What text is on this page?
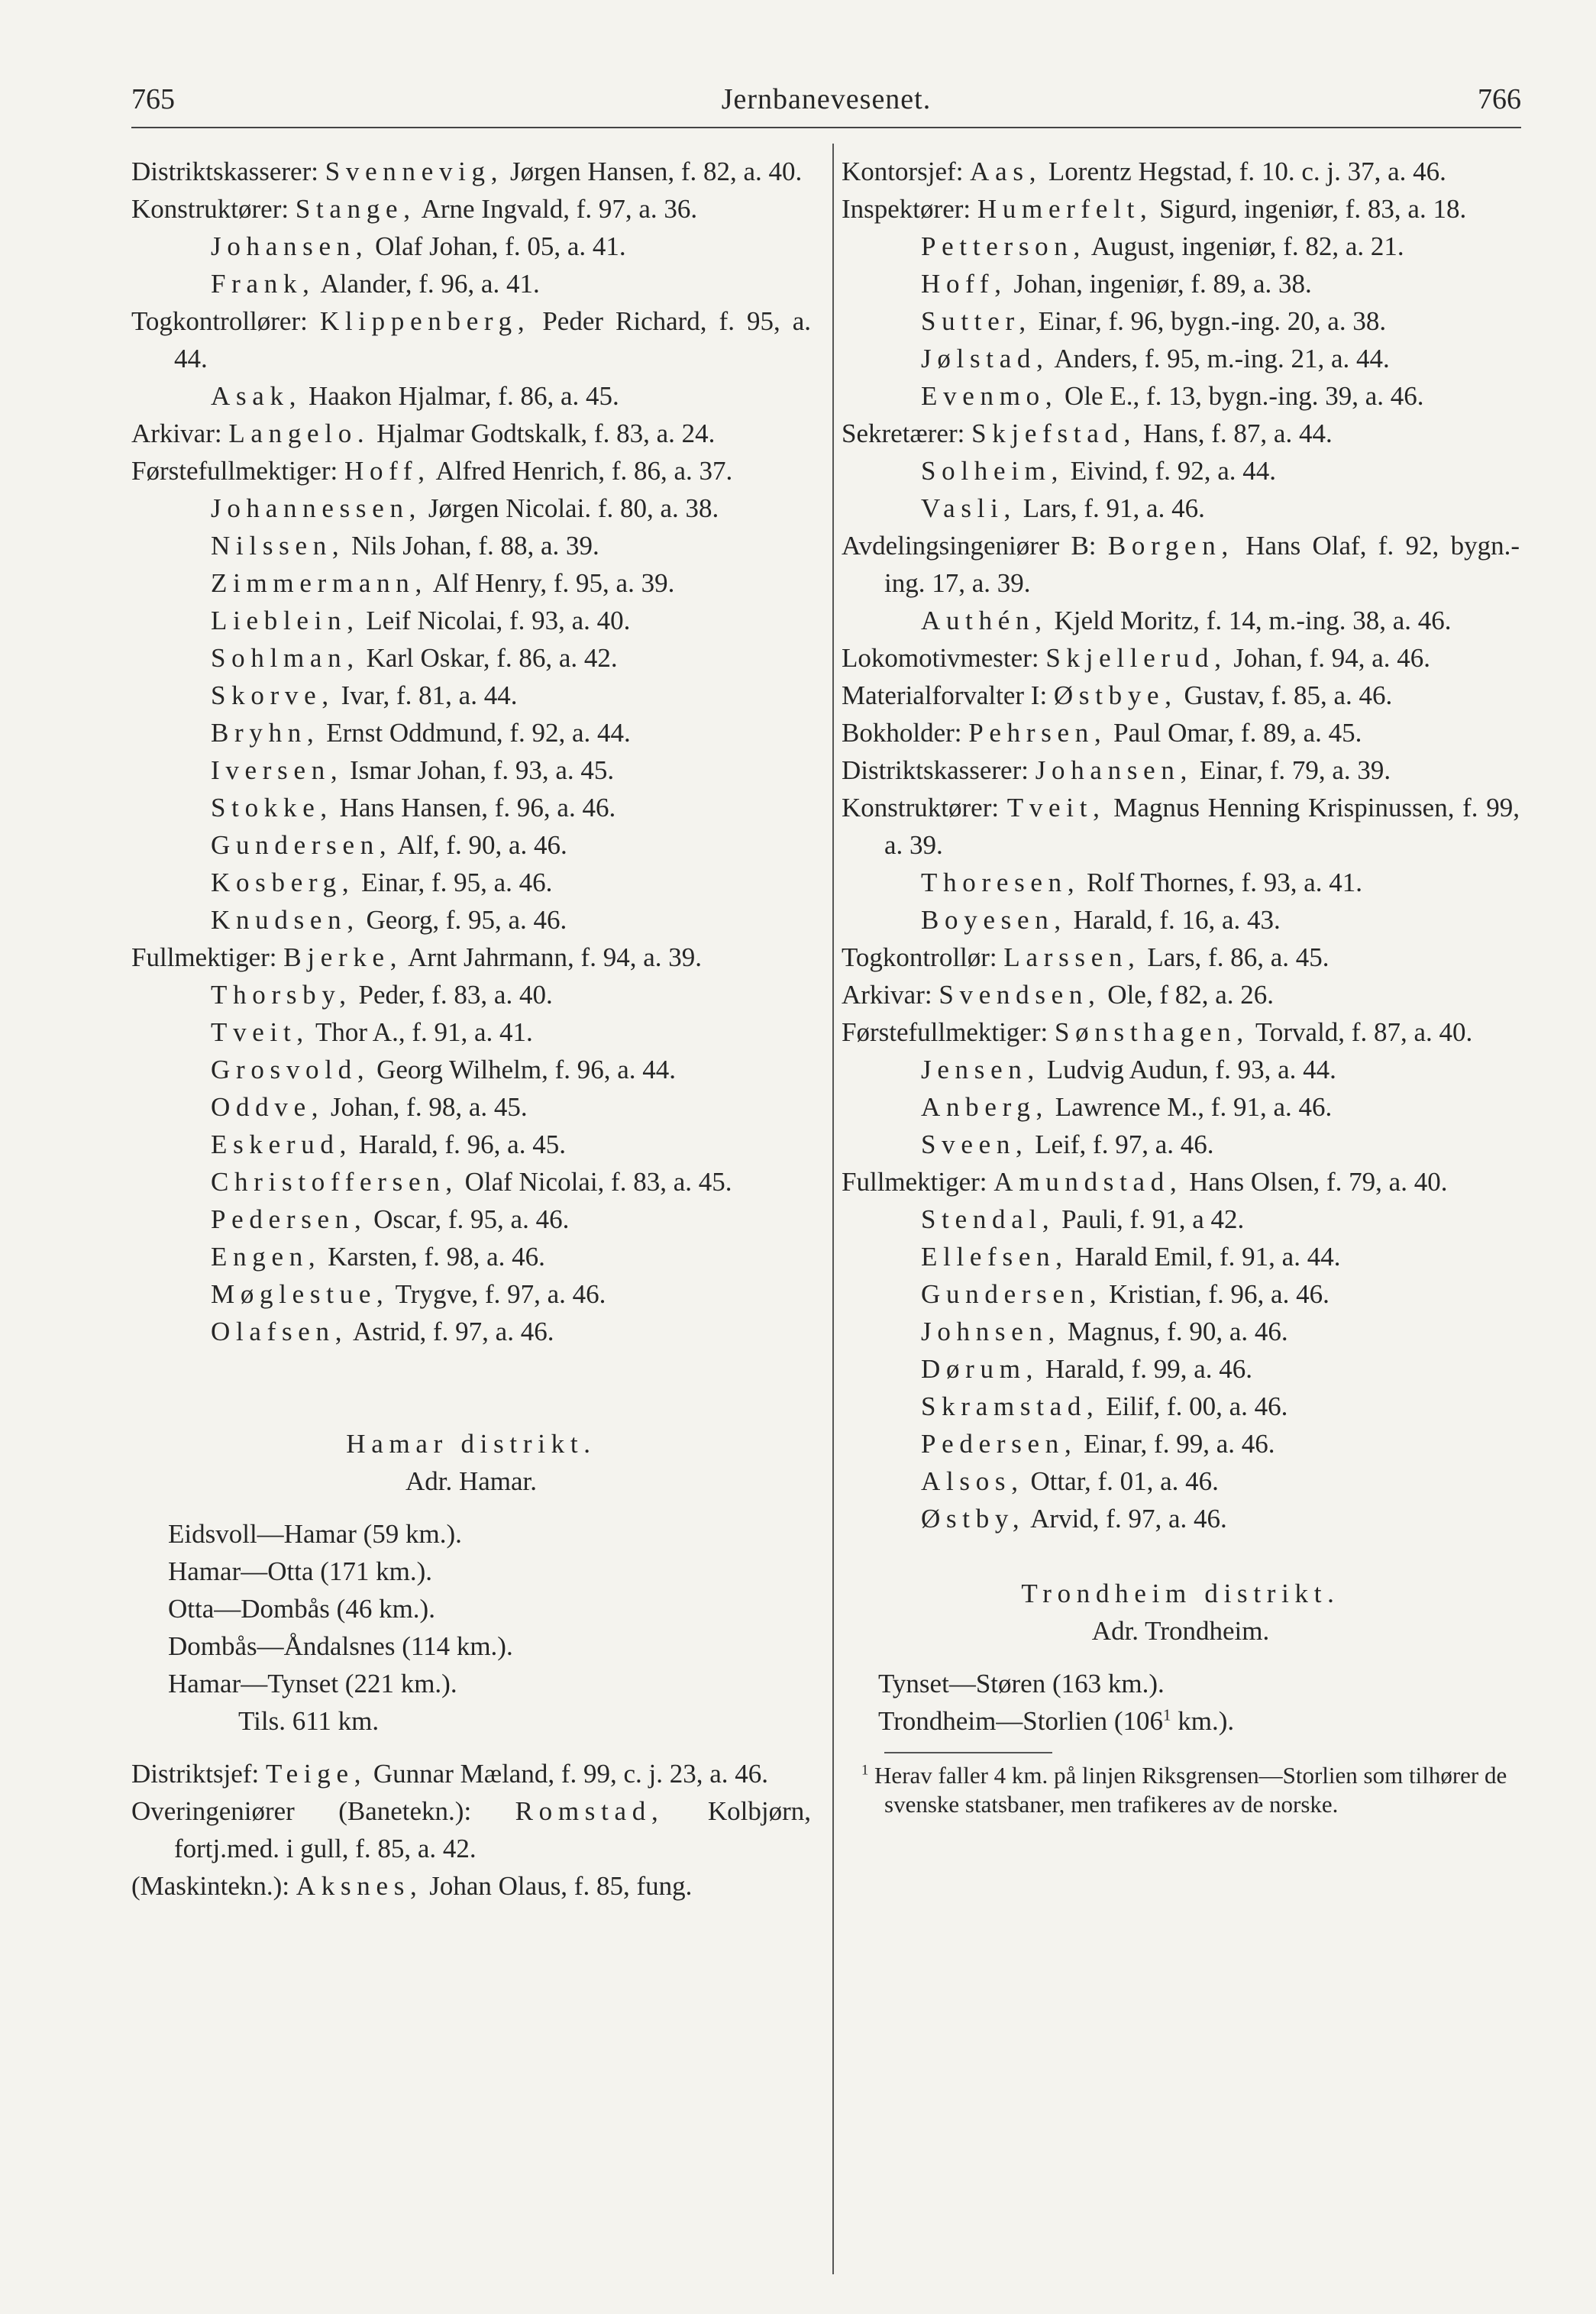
765	Jernbanevesenet.	766
Distriktskasserer: Svennevig, Jørgen Hansen, f. 82, a. 40.
Konstruktører: Stange, Arne Ingvald, f. 97, a. 36.
Johansen, Olaf Johan, f. 05, a. 41.
Frank, Alander, f. 96, a. 41.
Togkontrollører: Klippenberg, Peder Richard, f. 95, a. 44.
Asak, Haakon Hjalmar, f. 86, a. 45.
Arkivar: Langelo. Hjalmar Godtskalk, f. 83, a. 24.
Førstefullmektiger: Hoff, Alfred Henrich, f. 86, a. 37.
Johannessen, Jørgen Nicolai. f. 80, a. 38.
Nilssen, Nils Johan, f. 88, a. 39.
Zimmermann, Alf Henry, f. 95, a. 39.
Lieblein, Leif Nicolai, f. 93, a. 40.
Sohlman, Karl Oskar, f. 86, a. 42.
Skorve, Ivar, f. 81, a. 44.
Bryhn, Ernst Oddmund, f. 92, a. 44.
Iversen, Ismar Johan, f. 93, a. 45.
Stokke, Hans Hansen, f. 96, a. 46.
Gundersen, Alf, f. 90, a. 46.
Kosberg, Einar, f. 95, a. 46.
Knudsen, Georg, f. 95, a. 46.
Fullmektiger: Bjerke, Arnt Jahrmann, f. 94, a. 39.
Thorsby, Peder, f. 83, a. 40.
Tveit, Thor A., f. 91, a. 41.
Grosvold, Georg Wilhelm, f. 96, a. 44.
Oddve, Johan, f. 98, a. 45.
Eskerud, Harald, f. 96, a. 45.
Christoffersen, Olaf Nicolai, f. 83, a. 45.
Pedersen, Oscar, f. 95, a. 46.
Engen, Karsten, f. 98, a. 46.
Møglestue, Trygve, f. 97, a. 46.
Olafsen, Astrid, f. 97, a. 46.
Hamar distrikt.
Adr. Hamar.
Eidsvoll—Hamar (59 km.).
Hamar—Otta (171 km.).
Otta—Dombås (46 km.).
Dombås—Åndalsnes (114 km.).
Hamar—Tynset (221 km.).
Tils. 611 km.
Distriktsjef: Teige, Gunnar Mæland, f. 99, c. j. 23, a. 46.
Overingeniører (Banetekn.): Romstad, Kolbjørn, fortj.med. i gull, f. 85, a. 42.
(Maskintekn.): Aksnes, Johan Olaus, f. 85, fung.
Kontorsjef: Aas, Lorentz Hegstad, f. 10. c. j. 37, a. 46.
Inspektører: Humerfelt, Sigurd, ingeniør, f. 83, a. 18.
Petterson, August, ingeniør, f. 82, a. 21.
Hoff, Johan, ingeniør, f. 89, a. 38.
Sutter, Einar, f. 96, bygn.-ing. 20, a. 38.
Jølstad, Anders, f. 95, m.-ing. 21, a. 44.
Evenmo, Ole E., f. 13, bygn.-ing. 39, a. 46.
Sekretærer: Skjefstad, Hans, f. 87, a. 44.
Solheim, Eivind, f. 92, a. 44.
Vasli, Lars, f. 91, a. 46.
Avdelingsingeniører B: Borgen, Hans Olaf, f. 92, bygn.-ing. 17, a. 39.
Authén, Kjeld Moritz, f. 14, m.-ing. 38, a. 46.
Lokomotivmester: Skjellerud, Johan, f. 94, a. 46.
Materialforvalter I: Østbye, Gustav, f. 85, a. 46.
Bokholder: Pehrsen, Paul Omar, f. 89, a. 45.
Distriktskasserer: Johansen, Einar, f. 79, a. 39.
Konstruktører: Tveit, Magnus Henning Krispinussen, f. 99, a. 39.
Thoresen, Rolf Thornes, f. 93, a. 41.
Boyesen, Harald, f. 16, a. 43.
Togkontrollør: Larssen, Lars, f. 86, a. 45.
Arkivar: Svendsen, Ole, f 82, a. 26.
Førstefullmektiger: Sønsthagen, Torvald, f. 87, a. 40.
Jensen, Ludvig Audun, f. 93, a. 44.
Anberg, Lawrence M., f. 91, a. 46.
Sveen, Leif, f. 97, a. 46.
Fullmektiger: Amundstad, Hans Olsen, f. 79, a. 40.
Stendal, Pauli, f. 91, a 42.
Ellefsen, Harald Emil, f. 91, a. 44.
Gundersen, Kristian, f. 96, a. 46.
Johnsen, Magnus, f. 90, a. 46.
Dørum, Harald, f. 99, a. 46.
Skramstad, Eilif, f. 00, a. 46.
Pedersen, Einar, f. 99, a. 46.
Alsos, Ottar, f. 01, a. 46.
Østby, Arvid, f. 97, a. 46.
Trondheim distrikt.
Adr. Trondheim.
Tynset—Støren (163 km.).
Trondheim—Storlien ($106^1$ km.).
$^1$ Herav faller 4 km. på linjen Riksgrensen—Storlien som tilhører de svenske statsbaner, men trafikeres av de norske.
